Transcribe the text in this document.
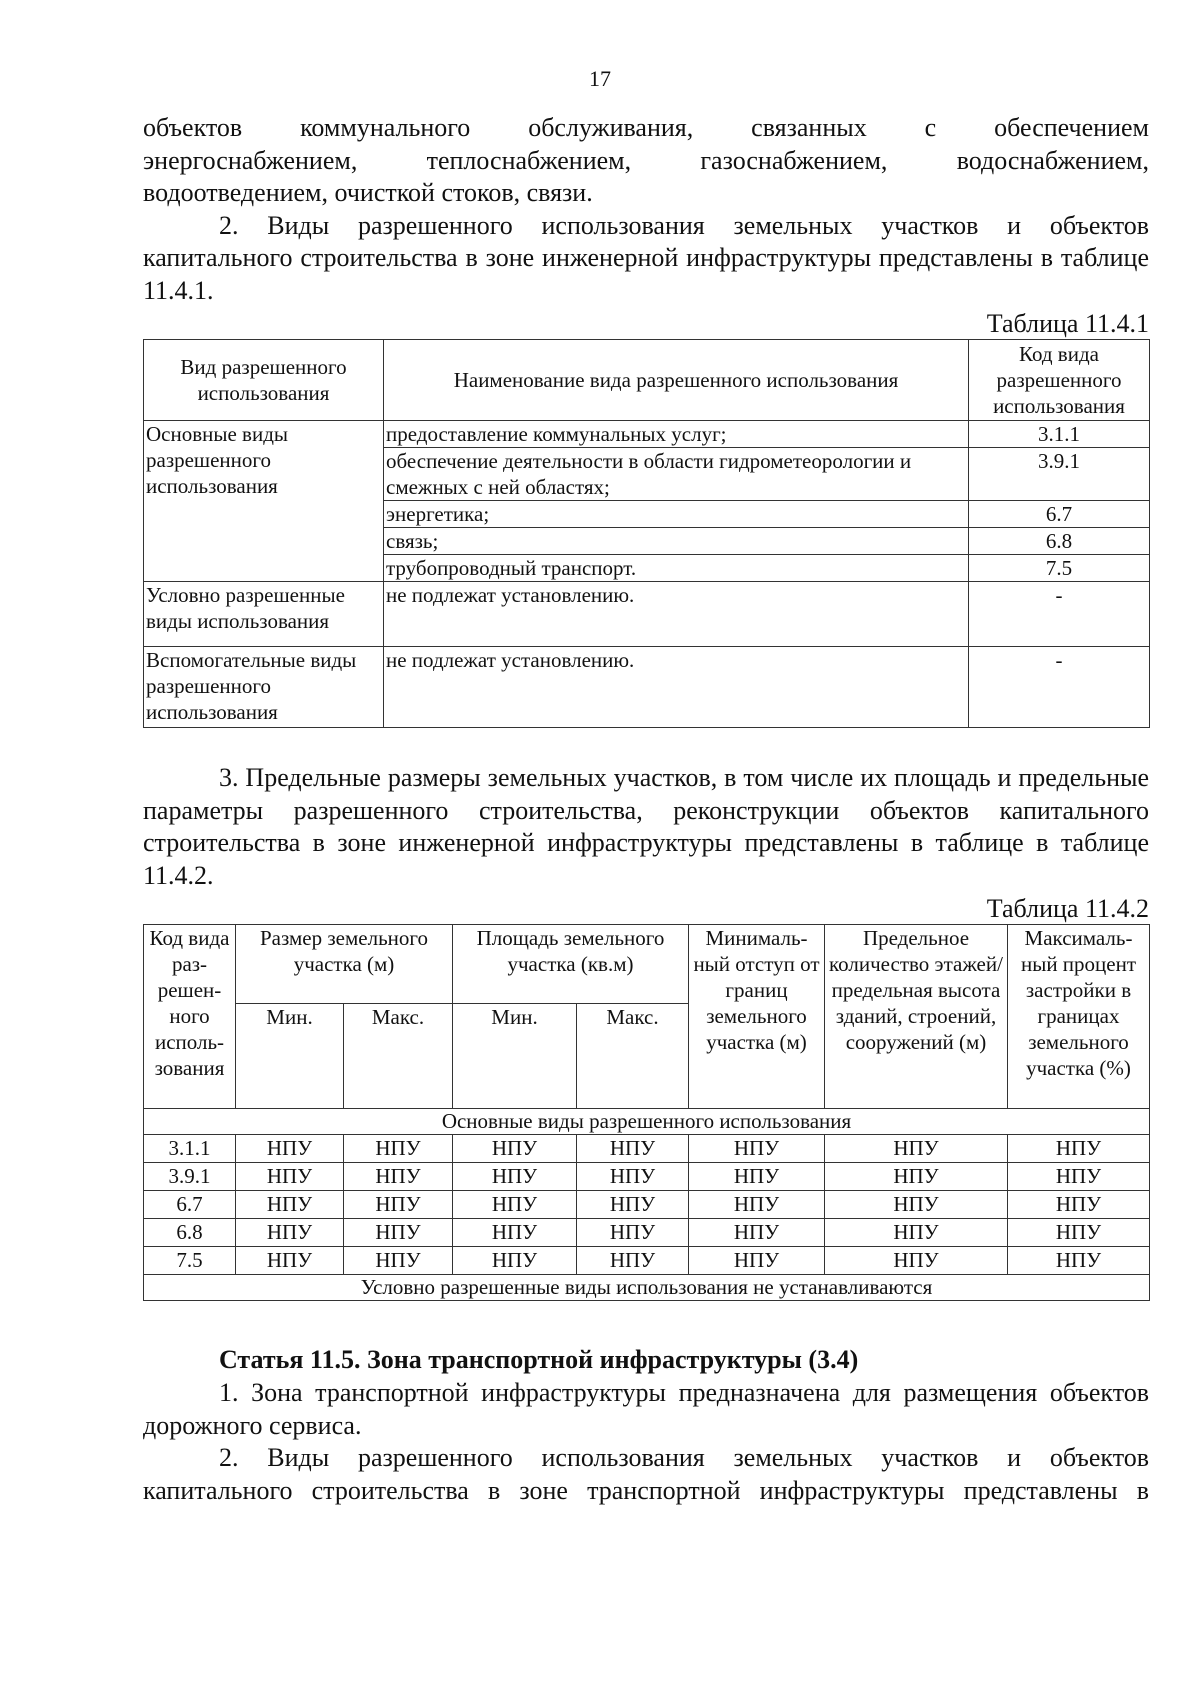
17

объектов коммунального обслуживания, связанных с обеспечением

энергоснабжением, теплоснабжением, газоснабжением, водоснабжением,

водоотведением, очисткой стоков, связи.

2. Виды разрешенного использования земельных участков и объектов капитального строительства в зоне инженерной инфраструктуры представлены в таблице 11.4.1.

Таблица 11.4.1
Вид разрешенного использования	Наименование вида разрешенного использования	Код вида разрешенного использования
Основные виды разрешенного использования	предоставление коммунальных услуг;	3.1.1
	обеспечение деятельности в области гидрометеорологии и смежных с ней областях;	3.9.1
	энергетика;	6.7
	связь;	6.8
	трубопроводный транспорт.	7.5
Условно разрешенные виды использования	не подлежат установлению.	-
Вспомогательные виды разрешенного использования	не подлежат установлению.	-

3. Предельные размеры земельных участков, в том числе их площадь и предельные параметры разрешенного строительства, реконструкции объектов капитального строительства в зоне инженерной инфраструктуры представлены в таблице в таблице 11.4.2.

Таблица 11.4.2
Код вида раз- решен- ного исполь- зования	Размер земельного участка (м)		Площадь земельного участка (кв.м)		Минималь- ный отступ от границ земельного участка (м)	Предельное количество этажей/ предельная высота зданий, строений, сооружений (м)	Максималь- ный процент застройки в границах земельного участка (%)
	Мин.	Макс.	Мин.	Макс.			
Основные виды разрешенного использования							
3.1.1	НПУ	НПУ	НПУ	НПУ	НПУ	НПУ	НПУ
3.9.1	НПУ	НПУ	НПУ	НПУ	НПУ	НПУ	НПУ
6.7	НПУ	НПУ	НПУ	НПУ	НПУ	НПУ	НПУ
6.8	НПУ	НПУ	НПУ	НПУ	НПУ	НПУ	НПУ
7.5	НПУ	НПУ	НПУ	НПУ	НПУ	НПУ	НПУ
Условно разрешенные виды использования не устанавливаются							
Статья 11.5. Зона транспортной инфраструктуры (3.4)

1. Зона транспортной инфраструктуры предназначена для размещения объектов дорожного сервиса.

2. Виды разрешенного использования земельных участков и объектов капитального строительства в зоне транспортной инфраструктуры представлены в
